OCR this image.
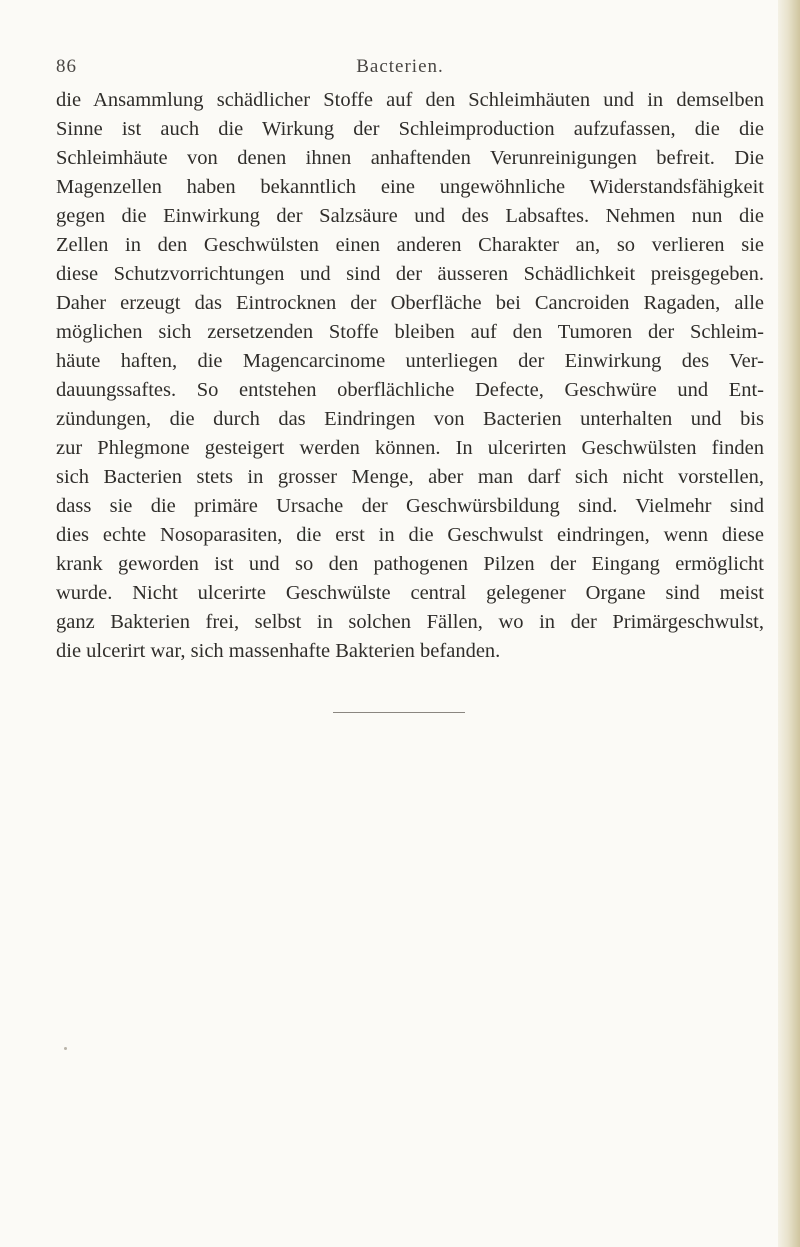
86	Bacterien.
die Ansammlung schädlicher Stoffe auf den Schleimhäuten und in demselben
Sinne ist auch die Wirkung der Schleimproduction aufzufassen, die die
Schleimhäute von denen ihnen anhaftenden Verunreinigungen befreit. Die
Magenzellen haben bekanntlich eine ungewöhnliche Widerstandsfähigkeit
gegen die Einwirkung der Salzsäure und des Labsaftes. Nehmen nun die
Zellen in den Geschwülsten einen anderen Charakter an, so verlieren sie
diese Schutzvorrichtungen und sind der äusseren Schädlichkeit preisgegeben.
Daher erzeugt das Eintrocknen der Oberfläche bei Cancroiden Ragaden, alle
möglichen sich zersetzenden Stoffe bleiben auf den Tumoren der Schleim-
häute haften, die Magencarcinome unterliegen der Einwirkung des Ver-
dauungssaftes. So entstehen oberflächliche Defecte, Geschwüre und Ent-
zündungen, die durch das Eindringen von Bacterien unterhalten und bis
zur Phlegmone gesteigert werden können. In ulcerirten Geschwülsten finden
sich Bacterien stets in grosser Menge, aber man darf sich nicht vorstellen,
dass sie die primäre Ursache der Geschwürsbildung sind. Vielmehr sind
dies echte Nosoparasiten, die erst in die Geschwulst eindringen, wenn diese
krank geworden ist und so den pathogenen Pilzen der Eingang ermöglicht
wurde. Nicht ulcerirte Geschwülste central gelegener Organe sind meist
ganz Bakterien frei, selbst in solchen Fällen, wo in der Primärgeschwulst,
die ulcerirt war, sich massenhafte Bakterien befanden.
